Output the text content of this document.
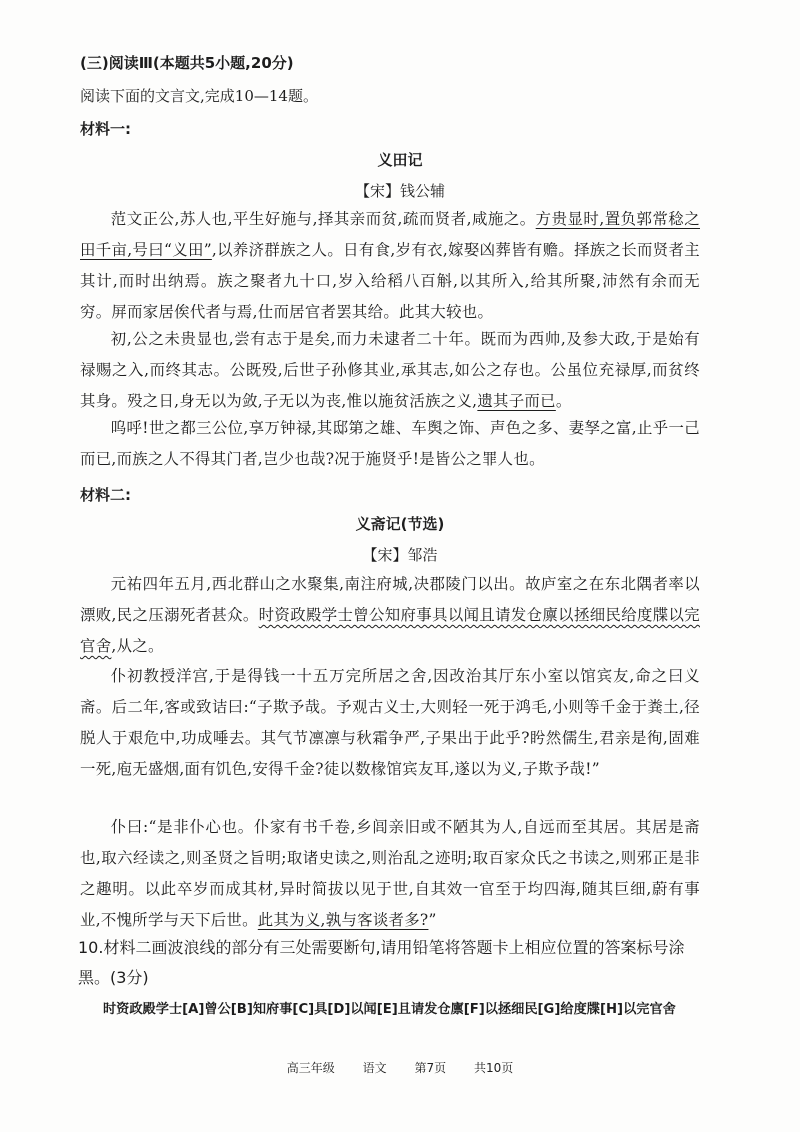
(三)阅读Ⅲ(本题共5小题,20分)
阅读下面的文言文,完成10—14题。
材料一:
义田记
【宋】钱公辅

范文正公,苏人也,平生好施与,择其亲而贫,疏而贤者,咸施之。方贵显时,置负郭常稔之田千亩,号曰“义田”,以养济群族之人。日有食,岁有衣,嫁娶凶葬皆有赡。择族之长而贤者主其计,而时出纳焉。族之聚者九十口,岁入给稻八百斛,以其所入,给其所聚,沛然有余而无穷。屏而家居俟代者与焉,仕而居官者罢其给。此其大较也。

初,公之未贵显也,尝有志于是矣,而力未逮者二十年。既而为西帅,及参大政,于是始有禄赐之入,而终其志。公既殁,后世子孙修其业,承其志,如公之存也。公虽位充禄厚,而贫终其身。殁之日,身无以为敛,子无以为丧,惟以施贫活族之义,遗其子而已。

呜呼!世之都三公位,享万钟禄,其邸第之雄、车舆之饰、声色之多、妻孥之富,止乎一己而已,而族之人不得其门者,岂少也哉?况于施贤乎!是皆公之罪人也。

材料二:
义斋记(节选)
【宋】邹浩

元祐四年五月,西北群山之水聚集,南注府城,决郡陵门以出。故庐室之在东北隅者率以漂败,民之压溺死者甚众。时资政殿学士曾公知府事具以闻且请发仓廪以拯细民给度牒以完官舍,从之。

仆初教授洋宫,于是得钱一十五万完所居之舍,因改治其厅东小室以馆宾友,命之曰义斋。后二年,客或致诘曰:“子欺予哉。予观古义士,大则轻一死于鸿毛,小则等千金于粪土,径脱人于艰危中,功成唾去。其气节凛凛与秋霜争严,子果出于此乎?盻然儒生,君亲是徇,固难一死,庖无盛烟,面有饥色,安得千金?徒以数椽馆宾友耳,遂以为义,子欺予哉!”

仆曰:“是非仆心也。仆家有书千卷,乡闾亲旧或不陋其为人,自远而至其居。其居是斋也,取六经读之,则圣贤之旨明;取诸史读之,则治乱之迹明;取百家众氏之书读之,则邪正是非之趣明。以此卒岁而成其材,异时简拔以见于世,自其效一官至于均四海,随其巨细,蔚有事业,不愧所学与天下后世。此其为义,孰与客谈者多?”

10.材料二画波浪线的部分有三处需要断句,请用铅笔将答题卡上相应位置的答案标号涂黑。(3分)

时资政殿学士[A]曾公[B]知府事[C]具[D]以闻[E]且请发仓廪[F]以拯细民[G]给度牒[H]以完官舍
高三年级 语文 第7页 共10页
